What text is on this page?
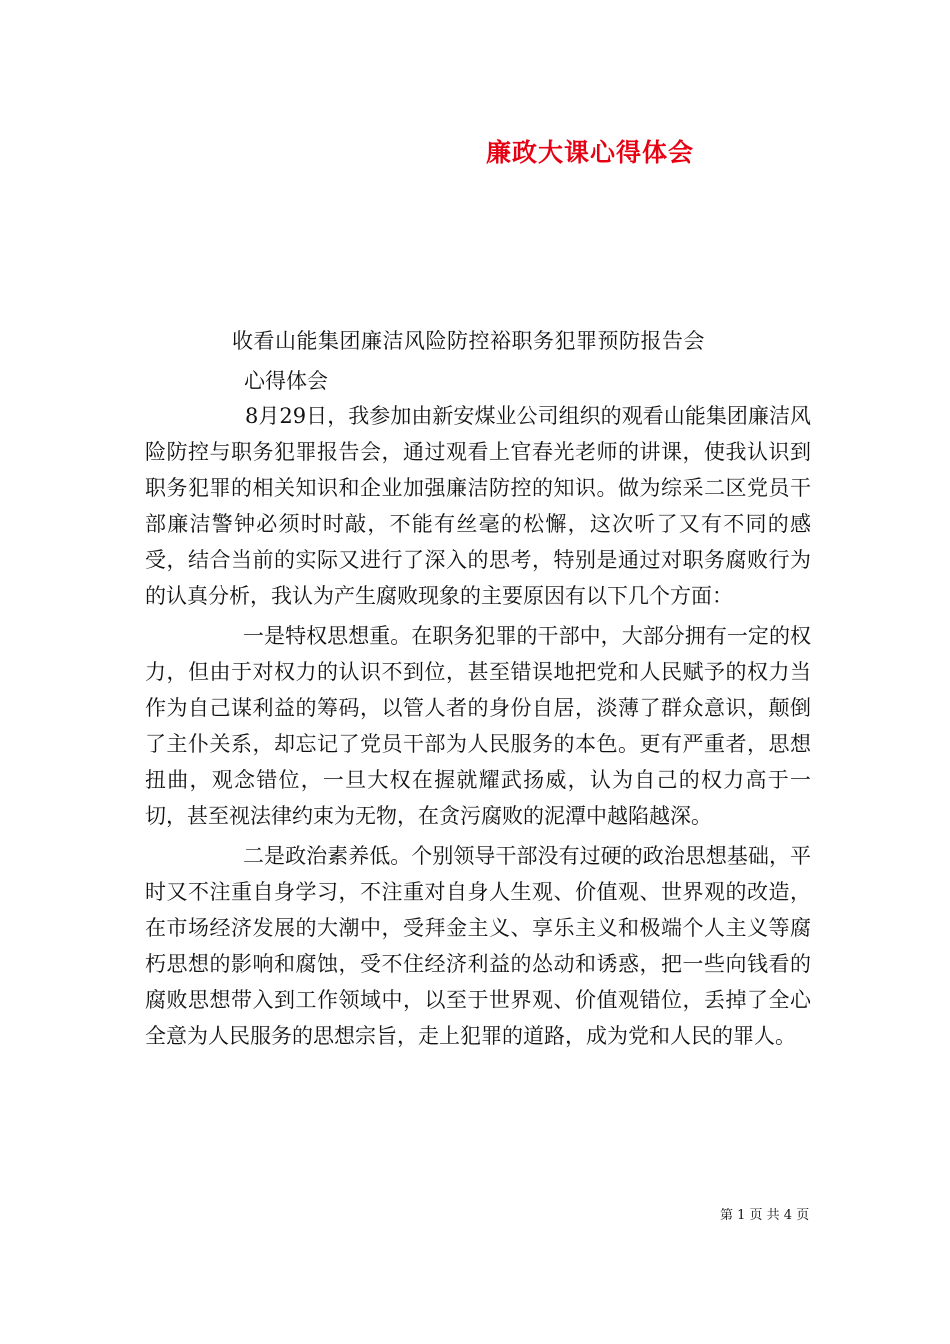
廉政大课心得体会
收看山能集团廉洁风险防控裕职务犯罪预防报告会
心得体会

8月29日，我参加由新安煤业公司组织的观看山能集团廉洁风险防控与职务犯罪报告会，通过观看上官春光老师的讲课，使我认识到职务犯罪的相关知识和企业加强廉洁防控的知识。做为综采二区党员干部廉洁警钟必须时时敲，不能有丝毫的松懈，这次听了又有不同的感受，结合当前的实际又进行了深入的思考，特别是通过对职务腐败行为的认真分析，我认为产生腐败现象的主要原因有以下几个方面：

一是特权思想重。在职务犯罪的干部中，大部分拥有一定的权力，但由于对权力的认识不到位，甚至错误地把党和人民赋予的权力当作为自己谋利益的筹码，以管人者的身份自居，淡薄了群众意识，颠倒了主仆关系，却忘记了党员干部为人民服务的本色。更有严重者，思想扭曲，观念错位，一旦大权在握就耀武扬威，认为自己的权力高于一切，甚至视法律约束为无物，在贪污腐败的泥潭中越陷越深。

二是政治素养低。个别领导干部没有过硬的政治思想基础，平时又不注重自身学习，不注重对自身人生观、价值观、世界观的改造，在市场经济发展的大潮中，受拜金主义、享乐主义和极端个人主义等腐朽思想的影响和腐蚀，受不住经济利益的怂动和诱惑，把一些向钱看的腐败思想带入到工作领域中，以至于世界观、价值观错位，丢掉了全心全意为人民服务的思想宗旨，走上犯罪的道路，成为党和人民的罪人。

第 1 页 共 4 页
